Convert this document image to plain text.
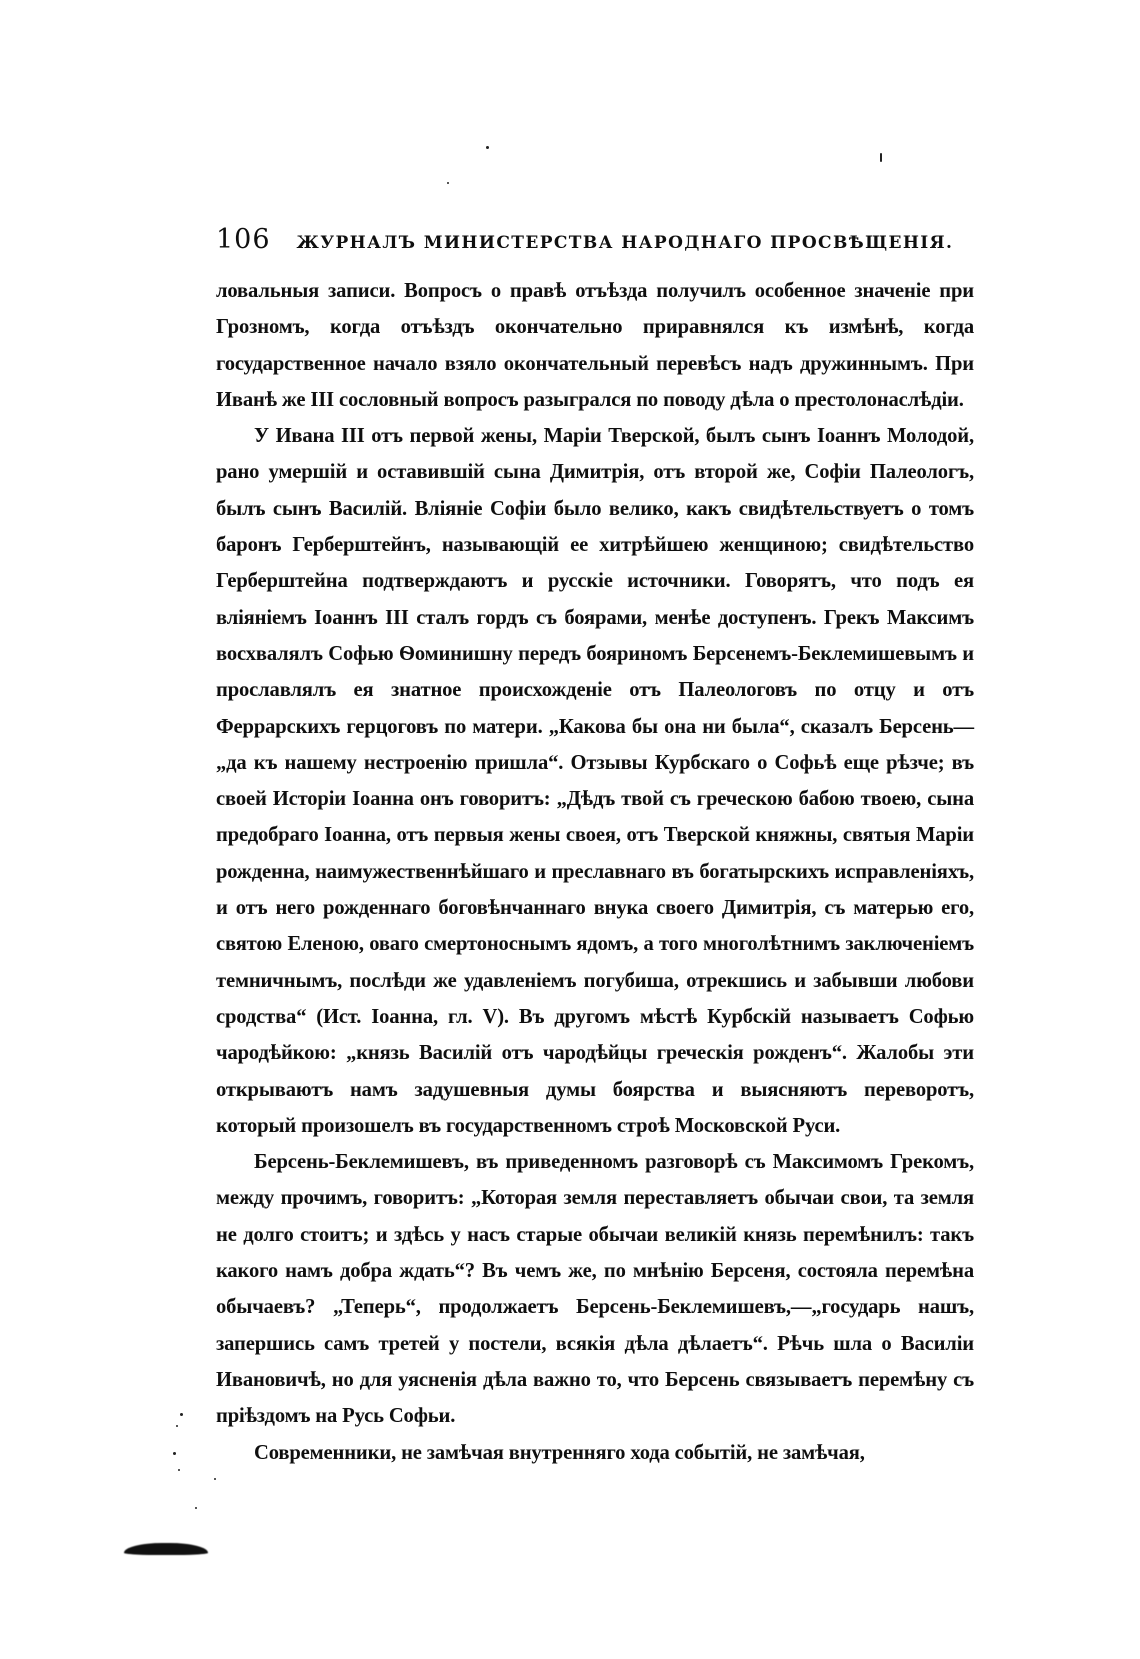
106 ЖУРНАЛЪ МИНИСТЕРСТВА НАРОДНАГО ПРОСВѢЩЕНІЯ.

ловальныя записи. Вопросъ о правѣ отъѣзда получилъ особенное значеніе при Грозномъ, когда отъѣздъ окончательно приравнялся къ измѣнѣ, когда государственное начало взяло окончательный перевѣсъ надъ дружиннымъ. При Иванѣ же III сословный вопросъ разыгрался по поводу дѣла о престолонаслѣдіи.

У Ивана III отъ первой жены, Маріи Тверской, былъ сынъ Іоаннъ Молодой, рано умершій и оставившій сына Димитрія, отъ второй же, Софіи Палеологъ, былъ сынъ Василій. Вліяніе Софіи было велико, какъ свидѣтельствуетъ о томъ баронъ Герберштейнъ, называющій ее хитрѣйшею женщиною; свидѣтельство Герберштейна подтверждаютъ и русскіе источники. Говорятъ, что подъ ея вліяніемъ Іоаннъ III сталъ гордъ съ боярами, менѣе доступенъ. Грекъ Максимъ восхвалялъ Софью Ѳоминишну передъ бояриномъ Берсенемъ-Беклемишевымъ и прославлялъ ея знатное происхожденіе отъ Палеологовъ по отцу и отъ Феррарскихъ герцоговъ по матери. „Какова бы она ни была“, сказалъ Берсень—„да къ нашему нестроенію пришла“. Отзывы Курбскаго о Софьѣ еще рѣзче; въ своей Исторіи Іоанна онъ говоритъ: „Дѣдъ твой съ греческою бабою твоею, сына предобраго Іоанна, отъ первыя жены своея, отъ Тверской княжны, святыя Маріи рожденна, наимужественнѣйшаго и преславнаго въ богатырскихъ исправленіяхъ, и отъ него рожденнаго боговѣнчаннаго внука своего Димитрія, съ матерью его, святою Еленою, оваго смертоноснымъ ядомъ, а того многолѣтнимъ заключеніемъ темничнымъ, послѣди же удавленіемъ погубиша, отрекшись и забывши любови сродства“ (Ист. Іоанна, гл. V). Въ другомъ мѣстѣ Курбскій называетъ Софью чародѣйкою: „князь Василій отъ чародѣйцы греческія рожденъ“. Жалобы эти открываютъ намъ задушевныя думы боярства и выясняютъ переворотъ, который произошелъ въ государственномъ строѣ Московской Руси.

Берсень-Беклемишевъ, въ приведенномъ разговорѣ съ Максимомъ Грекомъ, между прочимъ, говоритъ: „Которая земля переставляетъ обычаи свои, та земля не долго стоитъ; и здѣсь у насъ старые обычаи великій князь перемѣнилъ: такъ какого намъ добра ждать“? Въ чемъ же, по мнѣнію Берсеня, состояла перемѣна обычаевъ? „Теперь“, продолжаетъ Берсень-Беклемишевъ,—„государь нашъ, запершись самъ третей у постели, всякія дѣла дѣлаетъ“. Рѣчь шла о Василіи Ивановичѣ, но для уясненія дѣла важно то, что Берсень связываетъ перемѣну съ пріѣздомъ на Русь Софьи.

Современники, не замѣчая внутренняго хода событій, не замѣчая,
